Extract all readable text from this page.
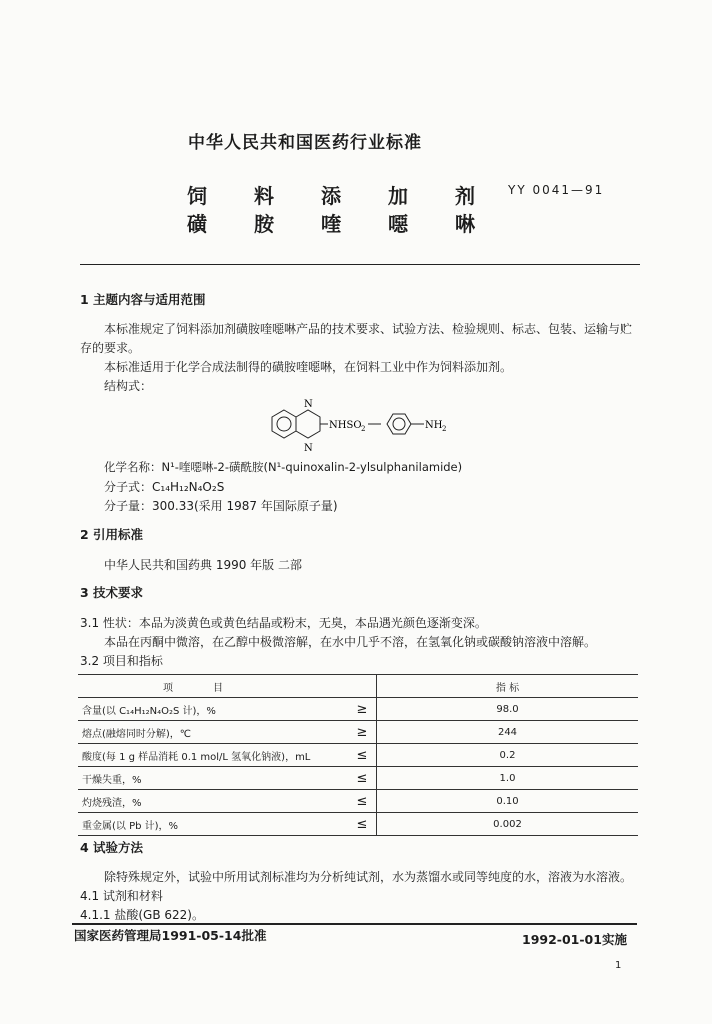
中华人民共和国医药行业标准
饲 料 添 加 剂
磺 胺 喹 噁 啉
YY 0041—91
1 主题内容与适用范围
本标准规定了饲料添加剂磺胺喹噁啉产品的技术要求、试验方法、检验规则、标志、包装、运输与贮
存的要求。
本标准适用于化学合成法制得的磺胺喹噁啉，在饲料工业中作为饲料添加剂。
结构式：
N
N
NHSO 2	NH 2
化学名称：N¹-喹噁啉-2-磺酰胺(N¹-quinoxalin-2-ylsulphanilamide)
分子式：C₁₄H₁₂N₄O₂S
分子量：300.33(采用 1987 年国际原子量)
2 引用标准
中华人民共和国药典 1990 年版 二部
3 技术要求
3.1 性状：本品为淡黄色或黄色结晶或粉末，无臭，本品遇光颜色逐渐变深。
本品在丙酮中微溶，在乙醇中极微溶解，在水中几乎不溶，在氢氧化钠或碳酸钠溶液中溶解。
3.2 项目和指标
项目		指 标
含量(以 C₁₄H₁₂N₄O₂S 计)，%	≥	98.0
熔点(融熔同时分解)，℃	≥	244
酸度(每 1 g 样品消耗 0.1 mol/L 氢氧化钠液)，mL	≤	0.2
干燥失重，%	≤	1.0
灼烧残渣，%	≤	0.10
重金属(以 Pb 计)，%	≤	0.002
4 试验方法
除特殊规定外，试验中所用试剂标准均为分析纯试剂，水为蒸馏水或同等纯度的水，溶液为水溶液。
4.1 试剂和材料
4.1.1 盐酸(GB 622)。
国家医药管理局1991-05-14批准	1992-01-01实施
1
